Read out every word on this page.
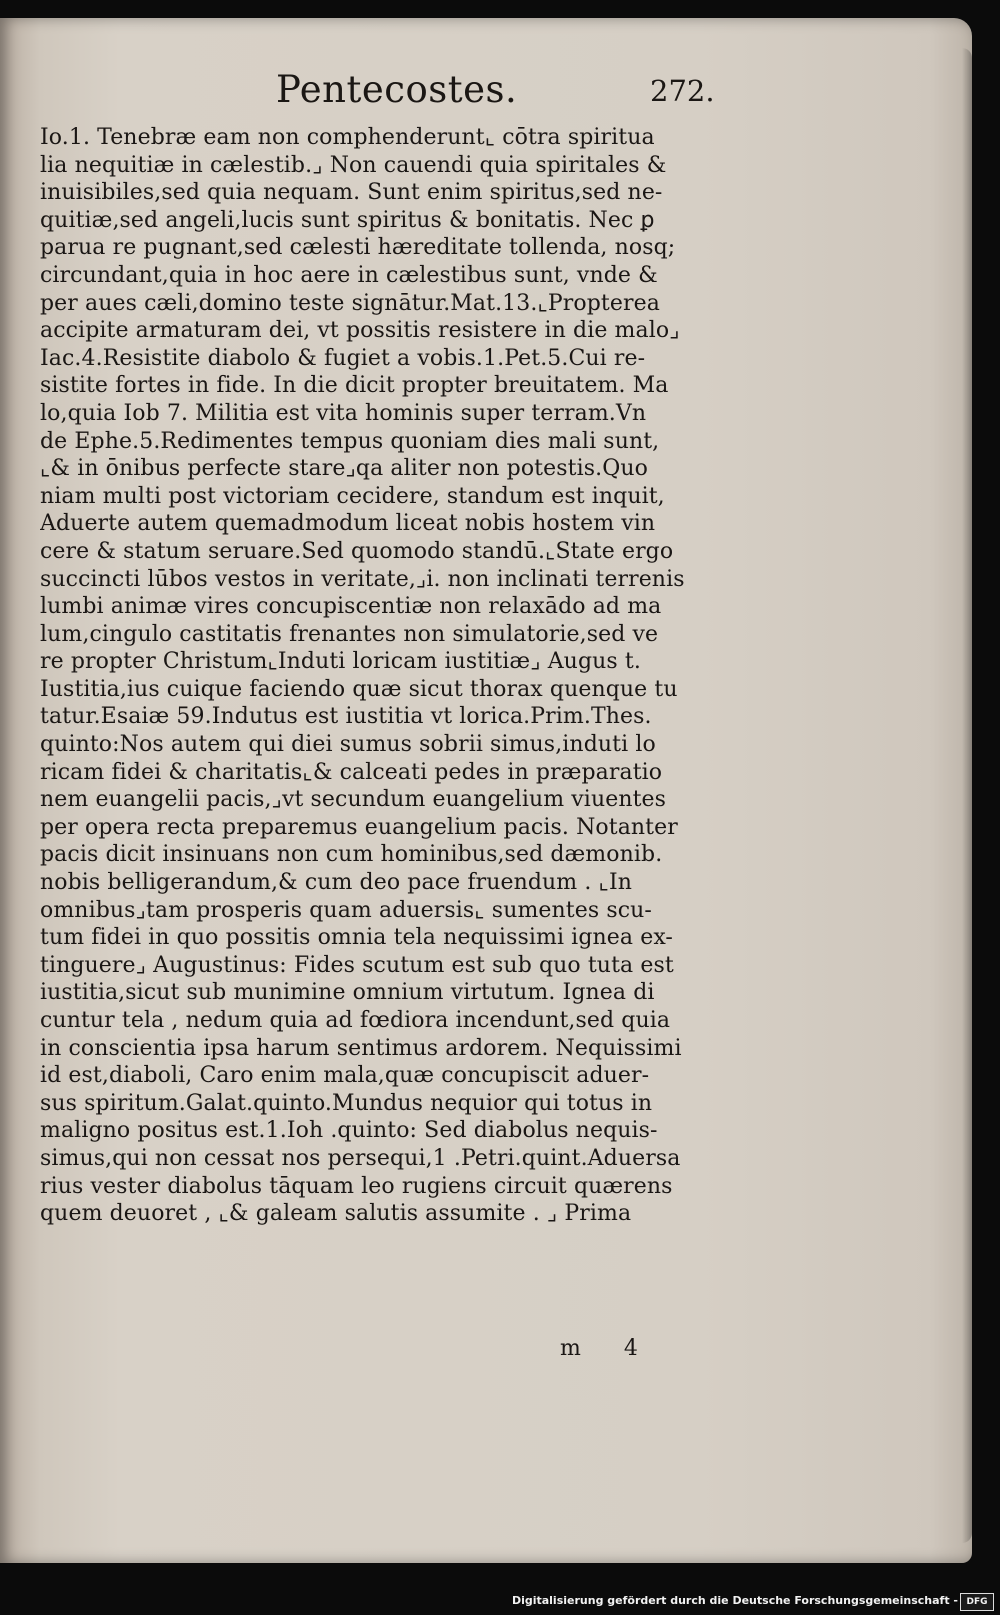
Pentecostes.	272.
Io.1. Tenebræ eam non comphenderunt⌞ cōtra spiritua
lia nequitiæ in cælestib.⌟ Non cauendi quia spiritales &
inuisibiles,sed quia nequam. Sunt enim spiritus,sed ne-
quitiæ,sed angeli,lucis sunt spiritus & bonitatis. Nec ꝑ
parua re pugnant,sed cælesti hæreditate tollenda, nosq;
circundant,quia in hoc aere in cælestibus sunt, vnde &
per aues cæli,domino teste signātur.Mat.13.⌞Propterea
accipite armaturam dei, vt possitis resistere in die malo⌟
Iac.4.Resistite diabolo & fugiet a vobis.1.Pet.5.Cui re-
sistite fortes in fide. In die dicit propter breuitatem. Ma
lo,quia Iob 7. Militia est vita hominis super terram.Vn
de Ephe.5.Redimentes tempus quoniam dies mali sunt,
⌞& in ōnibus perfecte stare⌟qa aliter non potestis.Quo
niam multi post victoriam cecidere, standum est inquit,
Aduerte autem quemadmodum liceat nobis hostem vin
cere & statum seruare.Sed quomodo standū.⌞State ergo
succincti lūbos vestos in veritate,⌟i. non inclinati terrenis
lumbi animæ vires concupiscentiæ non relaxādo ad ma
lum,cingulo castitatis frenantes non simulatorie,sed ve
re propter Christum⌞Induti loricam iustitiæ⌟ Augus t.
Iustitia,ius cuique faciendo quæ sicut thorax quenque tu
tatur.Esaiæ 59.Indutus est iustitia vt lorica.Prim.Thes.
quinto:Nos autem qui diei sumus sobrii simus,induti lo
ricam fidei & charitatis⌞& calceati pedes in præparatio
nem euangelii pacis,⌟vt secundum euangelium viuentes
per opera recta preparemus euangelium pacis. Notanter
pacis dicit insinuans non cum hominibus,sed dæmonib.
nobis belligerandum,& cum deo pace fruendum . ⌞In
omnibus⌟tam prosperis quam aduersis⌞ sumentes scu-
tum fidei in quo possitis omnia tela nequissimi ignea ex-
tinguere⌟ Augustinus: Fides scutum est sub quo tuta est
iustitia,sicut sub munimine omnium virtutum. Ignea di
cuntur tela , nedum quia ad fœdiora incendunt,sed quia
in conscientia ipsa harum sentimus ardorem. Nequissimi
id est,diaboli, Caro enim mala,quæ concupiscit aduer-
sus spiritum.Galat.quinto.Mundus nequior qui totus in
maligno positus est.1.Ioh .quinto: Sed diabolus nequis-
simus,qui non cessat nos persequi,1 .Petri.quint.Aduersa
rius vester diabolus tāquam leo rugiens circuit quærens
quem deuoret , ⌞& galeam salutis assumite . ⌟ Prima
m 4
Digitalisierung gefördert durch die Deutsche Forschungsgemeinschaft - DFG
